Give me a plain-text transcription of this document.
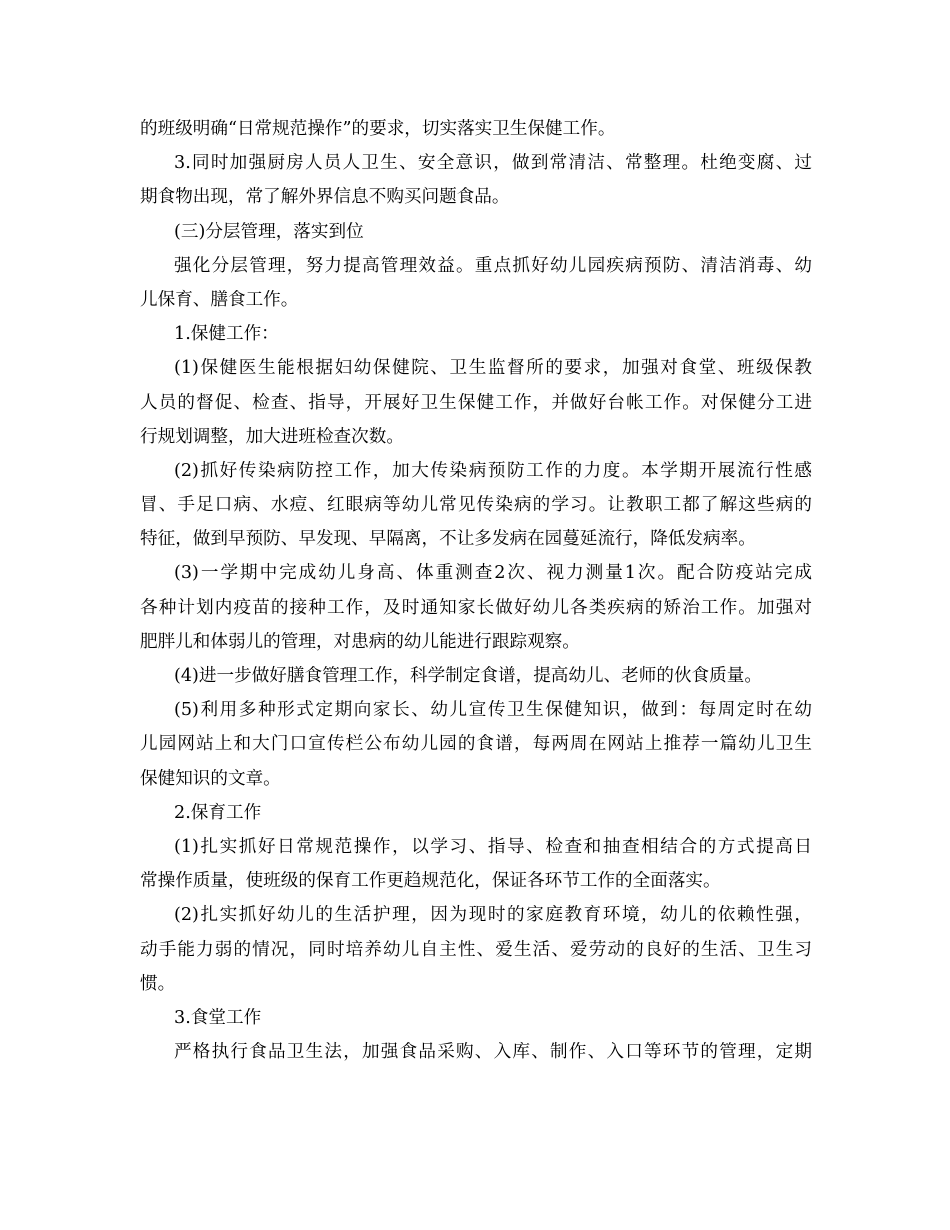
的班级明确“日常规范操作”的要求，切实落实卫生保健工作。
3.同时加强厨房人员人卫生、安全意识，做到常清洁、常整理。杜绝变腐、过
期食物出现，常了解外界信息不购买问题食品。
(三)分层管理，落实到位
强化分层管理，努力提高管理效益。重点抓好幼儿园疾病预防、清洁消毒、幼
儿保育、膳食工作。
1.保健工作：
(1)保健医生能根据妇幼保健院、卫生监督所的要求，加强对食堂、班级保教
人员的督促、检查、指导，开展好卫生保健工作，并做好台帐工作。对保健分工进
行规划调整，加大进班检查次数。
(2)抓好传染病防控工作，加大传染病预防工作的力度。本学期开展流行性感
冒、手足口病、水痘、红眼病等幼儿常见传染病的学习。让教职工都了解这些病的
特征，做到早预防、早发现、早隔离，不让多发病在园蔓延流行，降低发病率。
(3)一学期中完成幼儿身高、体重测查2次、视力测量1次。配合防疫站完成
各种计划内疫苗的接种工作，及时通知家长做好幼儿各类疾病的矫治工作。加强对
肥胖儿和体弱儿的管理，对患病的幼儿能进行跟踪观察。
(4)进一步做好膳食管理工作，科学制定食谱，提高幼儿、老师的伙食质量。
(5)利用多种形式定期向家长、幼儿宣传卫生保健知识，做到：每周定时在幼
儿园网站上和大门口宣传栏公布幼儿园的食谱，每两周在网站上推荐一篇幼儿卫生
保健知识的文章。
2.保育工作
(1)扎实抓好日常规范操作，以学习、指导、检查和抽查相结合的方式提高日
常操作质量，使班级的保育工作更趋规范化，保证各环节工作的全面落实。
(2)扎实抓好幼儿的生活护理，因为现时的家庭教育环境，幼儿的依赖性强，
动手能力弱的情况，同时培养幼儿自主性、爱生活、爱劳动的良好的生活、卫生习
惯。
3.食堂工作
严格执行食品卫生法，加强食品采购、入库、制作、入口等环节的管理，定期
